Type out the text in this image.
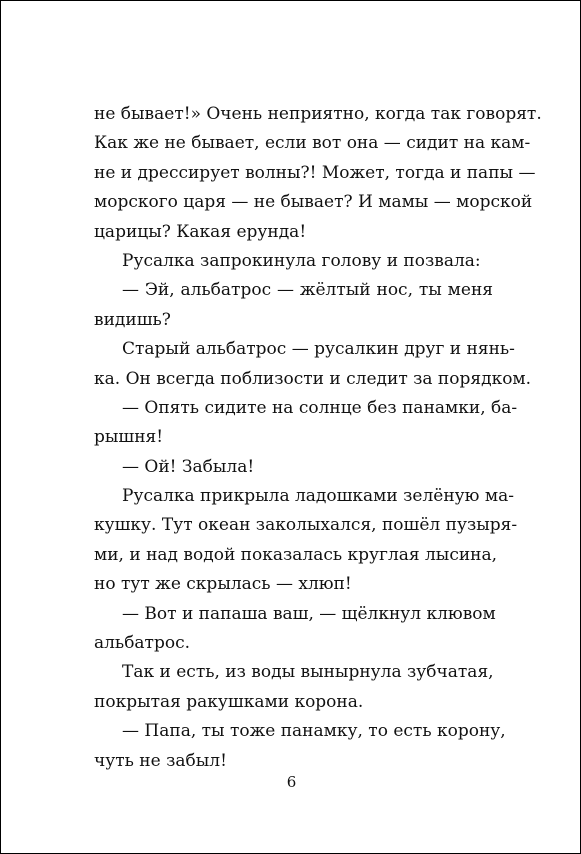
не бывает!» Очень неприятно, когда так говорят.
Как же не бывает, если вот она — сидит на кам-
не и дрессирует волны?! Может, тогда и папы —
морского царя — не бывает? И мамы — морской
царицы? Какая ерунда!
Русалка запрокинула голову и позвала:
— Эй, альбатрос — жёлтый нос, ты меня
видишь?
Старый альбатрос — русалкин друг и нянь-
ка. Он всегда поблизости и следит за порядком.
— Опять сидите на солнце без панамки, ба-
рышня!
— Ой! Забыла!
Русалка прикрыла ладошками зелёную ма-
кушку. Тут океан заколыхался, пошёл пузыря-
ми, и над водой показалась круглая лысина,
но тут же скрылась — хлюп!
— Вот и папаша ваш, — щёлкнул клювом
альбатрос.
Так и есть, из воды вынырнула зубчатая,
покрытая ракушками корона.
— Папа, ты тоже панамку, то есть корону,
чуть не забыл!
6
